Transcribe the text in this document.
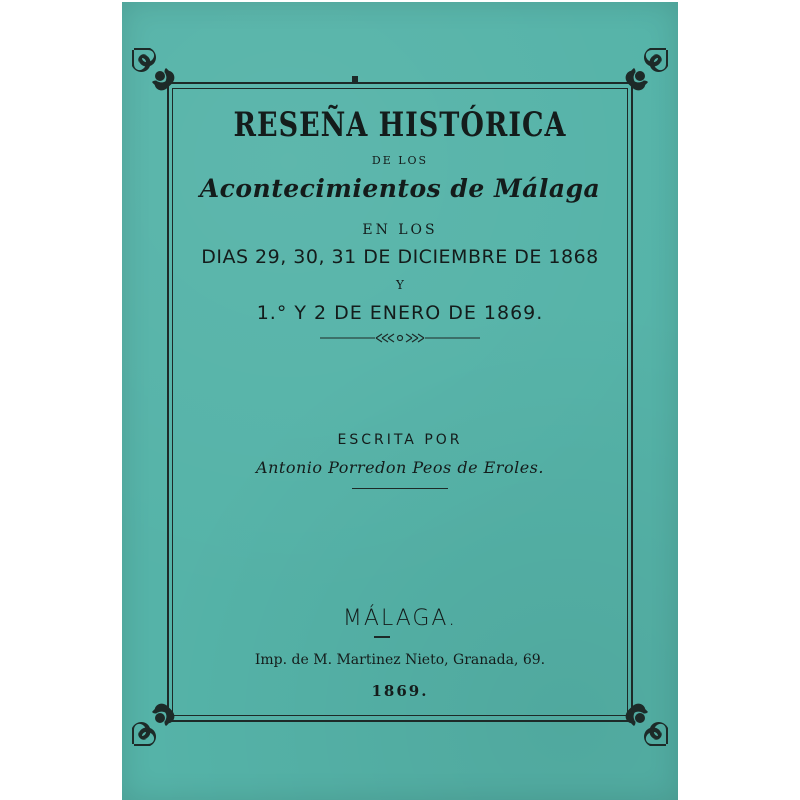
RESEÑA HISTÓRICA
DE LOS
Acontecimientos de Málaga
EN LOS
DIAS 29, 30, 31 DE DICIEMBRE DE 1868
Y
1.° Y 2 DE ENERO DE 1869.
ESCRITA POR
Antonio Porredon Peos de Eroles.
MÁLAGA.
Imp. de M. Martinez Nieto, Granada, 69.
1869.
